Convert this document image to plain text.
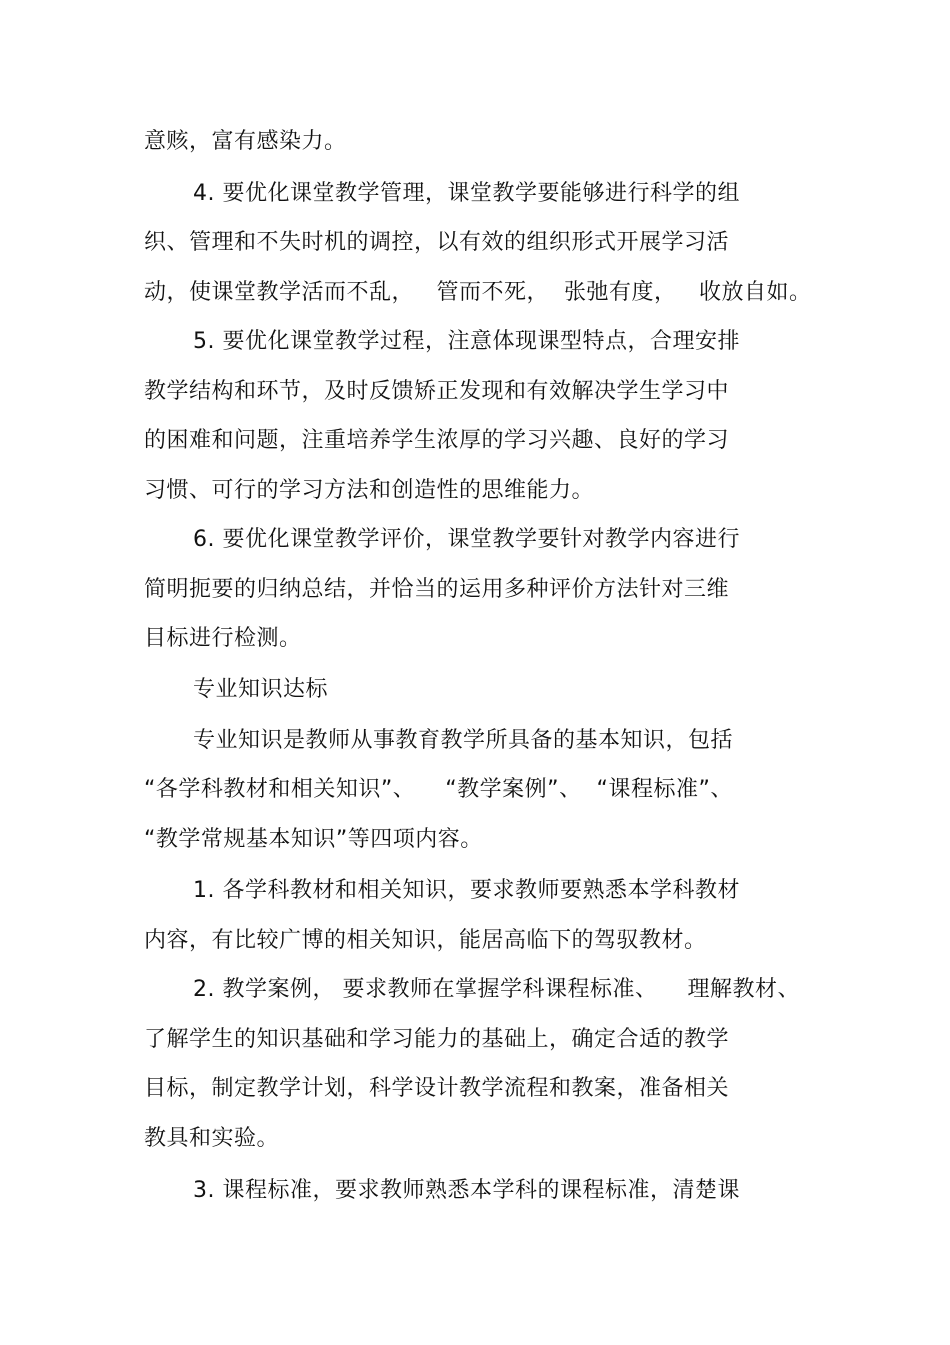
意赅，富有感染力。
4. 要优化课堂教学管理，课堂教学要能够进行科学的组
织、管理和不失时机的调控，以有效的组织形式开展学习活
动，使课堂教学活而不乱，   管而不死，  张弛有度，   收放自如。
5. 要优化课堂教学过程，注意体现课型特点，合理安排
教学结构和环节，及时反馈矫正发现和有效解决学生学习中
的困难和问题，注重培养学生浓厚的学习兴趣、良好的学习
习惯、可行的学习方法和创造性的思维能力。
6. 要优化课堂教学评价，课堂教学要针对教学内容进行
简明扼要的归纳总结，并恰当的运用多种评价方法针对三维
目标进行检测。
专业知识达标
专业知识是教师从事教育教学所具备的基本知识，包括
“各学科教材和相关知识”、    “教学案例”、  “课程标准”、
“教学常规基本知识”等四项内容。
1. 各学科教材和相关知识，要求教师要熟悉本学科教材
内容，有比较广博的相关知识，能居高临下的驾驭教材。
2. 教学案例， 要求教师在掌握学科课程标准、    理解教材、
了解学生的知识基础和学习能力的基础上，确定合适的教学
目标，制定教学计划，科学设计教学流程和教案，准备相关
教具和实验。
3. 课程标准，要求教师熟悉本学科的课程标准，清楚课
